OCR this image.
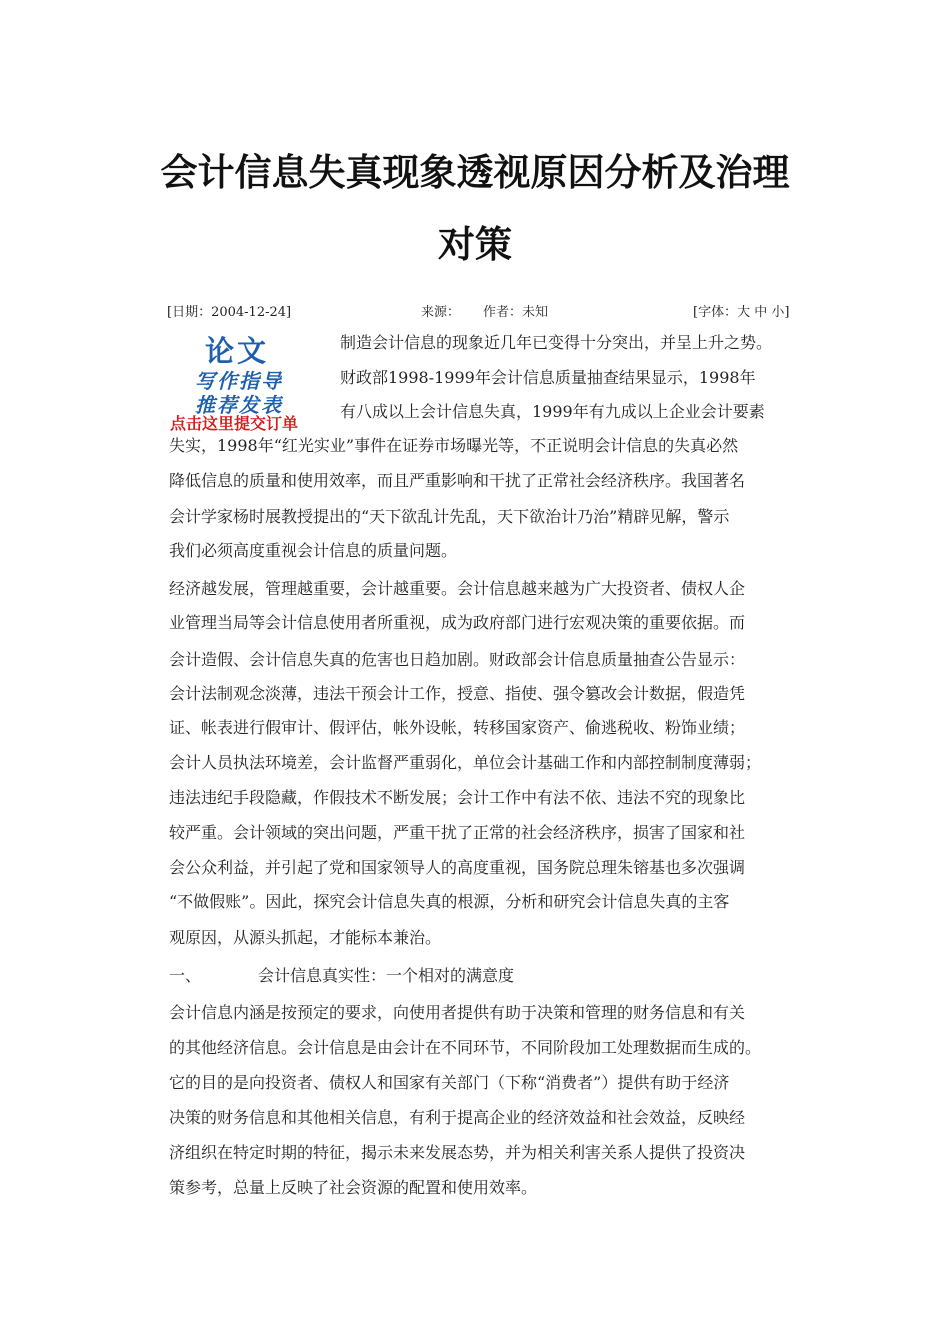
会计信息失真现象透视原因分析及治理
对策
[日期：2004-12-24]	来源： 作者：未知	[字体：大 中 小]
论文
写作指导
推荐发表
点击这里提交订单
制造会计信息的现象近几年已变得十分突出，并呈上升之势。
财政部1998-1999年会计信息质量抽查结果显示，1998年
有八成以上会计信息失真，1999年有九成以上企业会计要素
失实，1998年“红光实业”事件在证券市场曝光等，不正说明会计信息的失真必然
降低信息的质量和使用效率，而且严重影响和干扰了正常社会经济秩序。我国著名
会计学家杨时展教授提出的“天下欲乱计先乱，天下欲治计乃治”精辟见解，警示
我们必须高度重视会计信息的质量问题。
经济越发展，管理越重要，会计越重要。会计信息越来越为广大投资者、债权人企
业管理当局等会计信息使用者所重视，成为政府部门进行宏观决策的重要依据。而
会计造假、会计信息失真的危害也日趋加剧。财政部会计信息质量抽查公告显示：
会计法制观念淡薄，违法干预会计工作，授意、指使、强令篡改会计数据，假造凭
证、帐表进行假审计、假评估，帐外设帐，转移国家资产、偷逃税收、粉饰业绩；
会计人员执法环境差，会计监督严重弱化，单位会计基础工作和内部控制制度薄弱；
违法违纪手段隐藏，作假技术不断发展；会计工作中有法不依、违法不究的现象比
较严重。会计领域的突出问题，严重干扰了正常的社会经济秩序，损害了国家和社
会公众利益，并引起了党和国家领导人的高度重视，国务院总理朱镕基也多次强调
“不做假账”。因此，探究会计信息失真的根源，分析和研究会计信息失真的主客
观原因，从源头抓起，才能标本兼治。
一、	会计信息真实性：一个相对的满意度
会计信息内涵是按预定的要求，向使用者提供有助于决策和管理的财务信息和有关
的其他经济信息。会计信息是由会计在不同环节，不同阶段加工处理数据而生成的。
它的目的是向投资者、债权人和国家有关部门（下称“消费者”）提供有助于经济
决策的财务信息和其他相关信息，有利于提高企业的经济效益和社会效益，反映经
济组织在特定时期的特征，揭示未来发展态势，并为相关利害关系人提供了投资决
策参考，总量上反映了社会资源的配置和使用效率。
